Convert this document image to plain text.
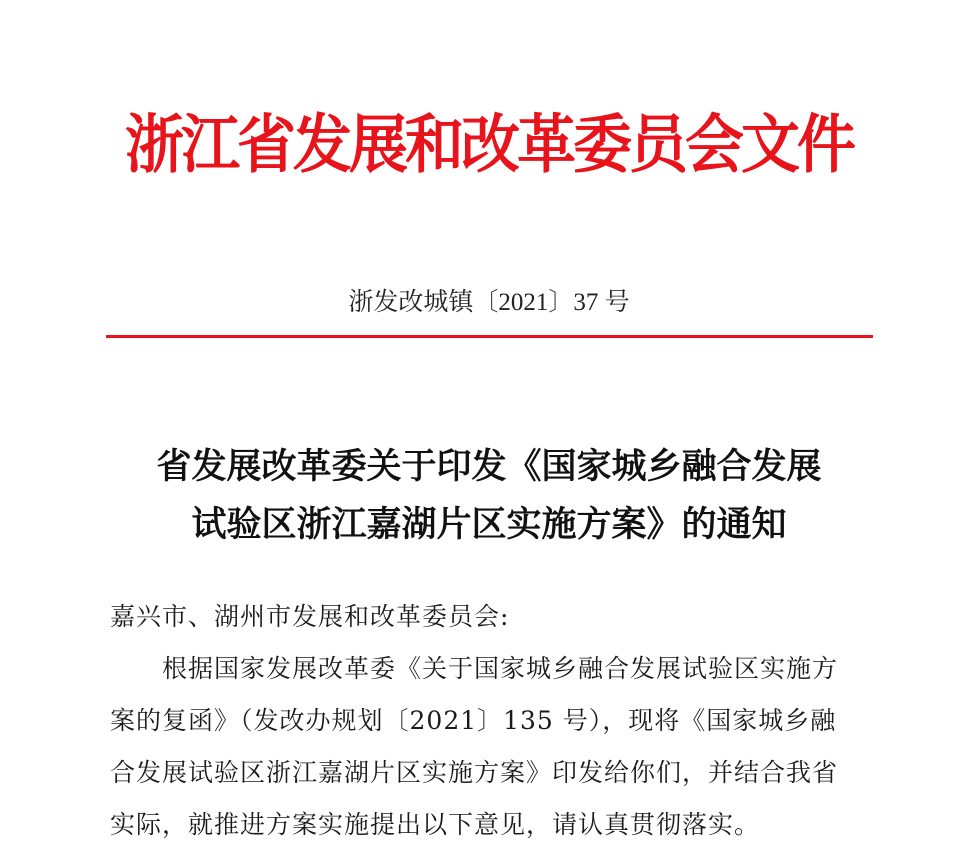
浙江省发展和改革委员会文件
浙发改城镇〔2021〕37 号
省发展改革委关于印发《国家城乡融合发展
试验区浙江嘉湖片区实施方案》的通知
嘉兴市、湖州市发展和改革委员会:
根据国家发展改革委《关于国家城乡融合发展试验区实施方
案的复函》（发改办规划〔2021〕135 号），现将《国家城乡融
合发展试验区浙江嘉湖片区实施方案》印发给你们，并结合我省
实际，就推进方案实施提出以下意见，请认真贯彻落实。
